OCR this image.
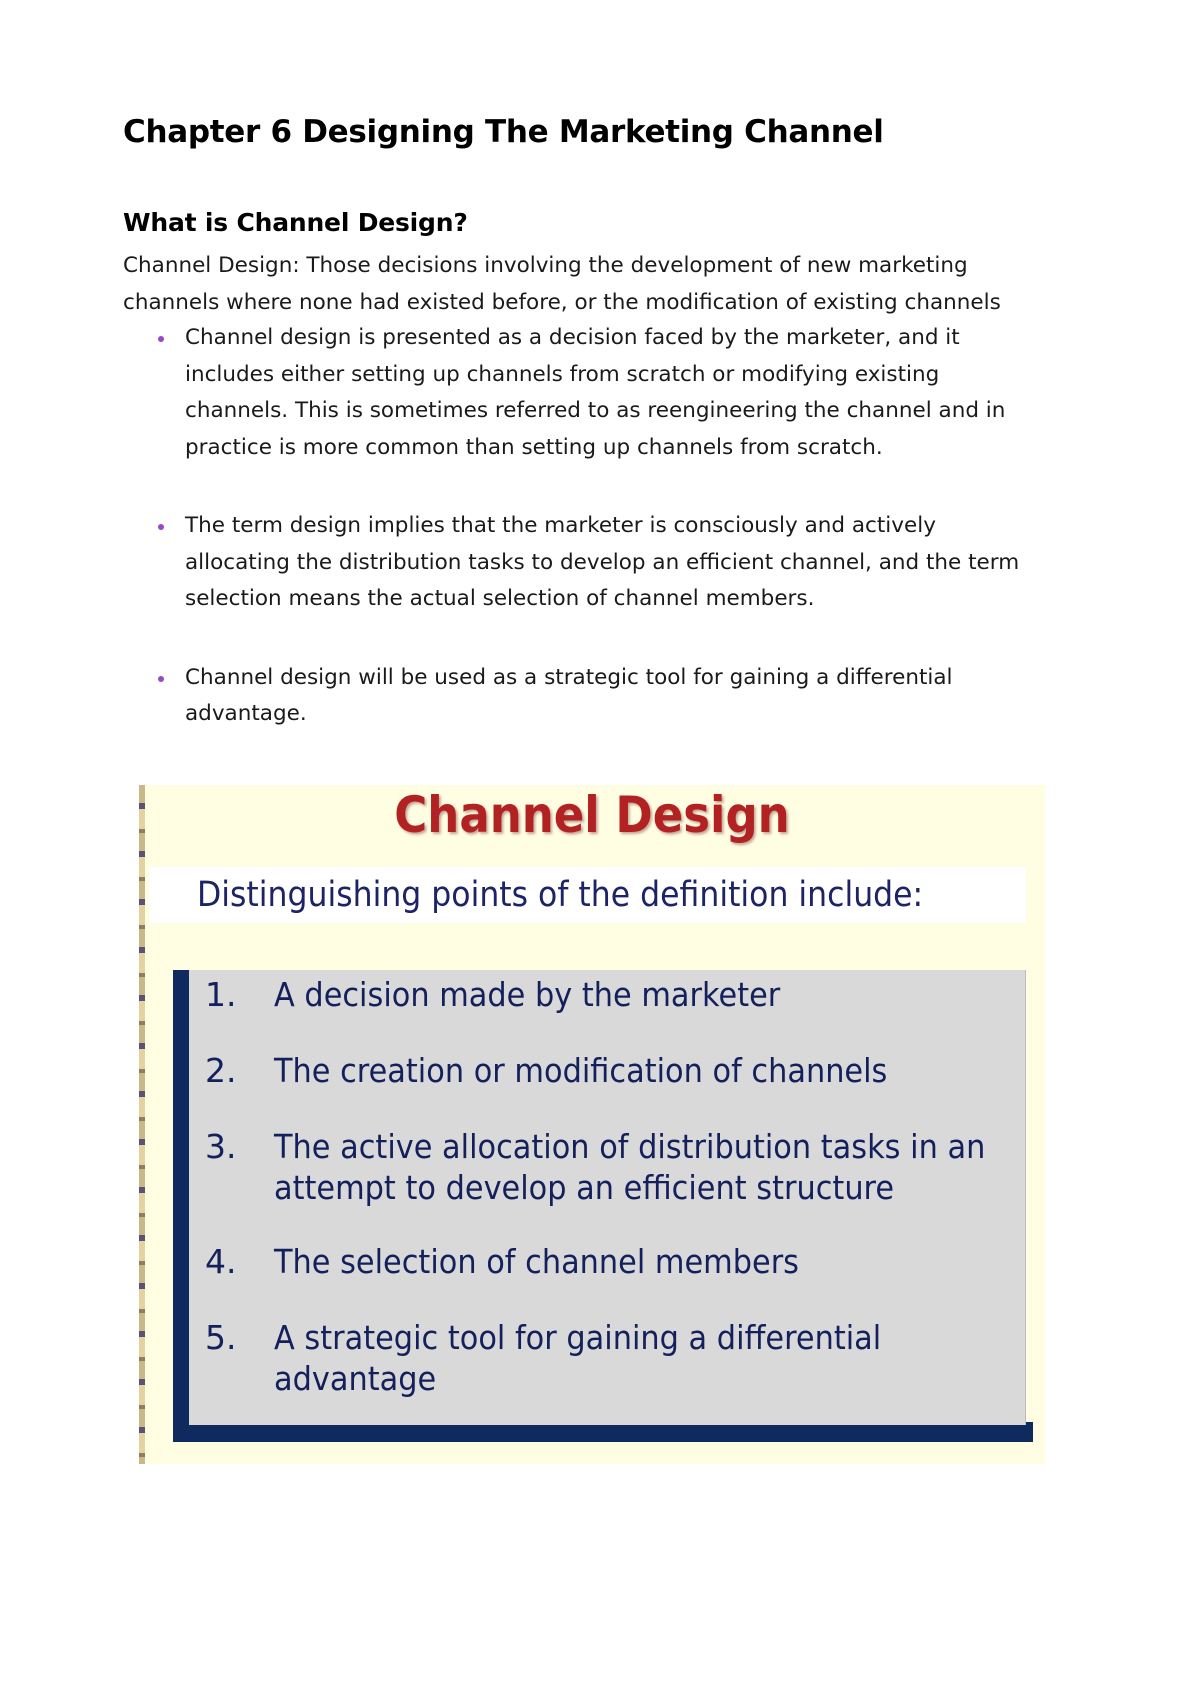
Chapter 6 Designing The Marketing Channel
What is Channel Design?

Channel Design: Those decisions involving the development of new marketing channels where none had existed before, or the modification of existing channels

Channel design is presented as a decision faced by the marketer, and it includes either setting up channels from scratch or modifying existing channels. This is sometimes referred to as reengineering the channel and in practice is more common than setting up channels from scratch.
The term design implies that the marketer is consciously and actively allocating the distribution tasks to develop an efficient channel, and the term selection means the actual selection of channel members.
Channel design will be used as a strategic tool for gaining a differential advantage.
Channel Design

Distinguishing points of the definition include:

1. A decision made by the marketer
2. The creation or modification of channels
3. The active allocation of distribution tasks in an
attempt to develop an efficient structure
4. The selection of channel members
5. A strategic tool for gaining a differential
advantage
